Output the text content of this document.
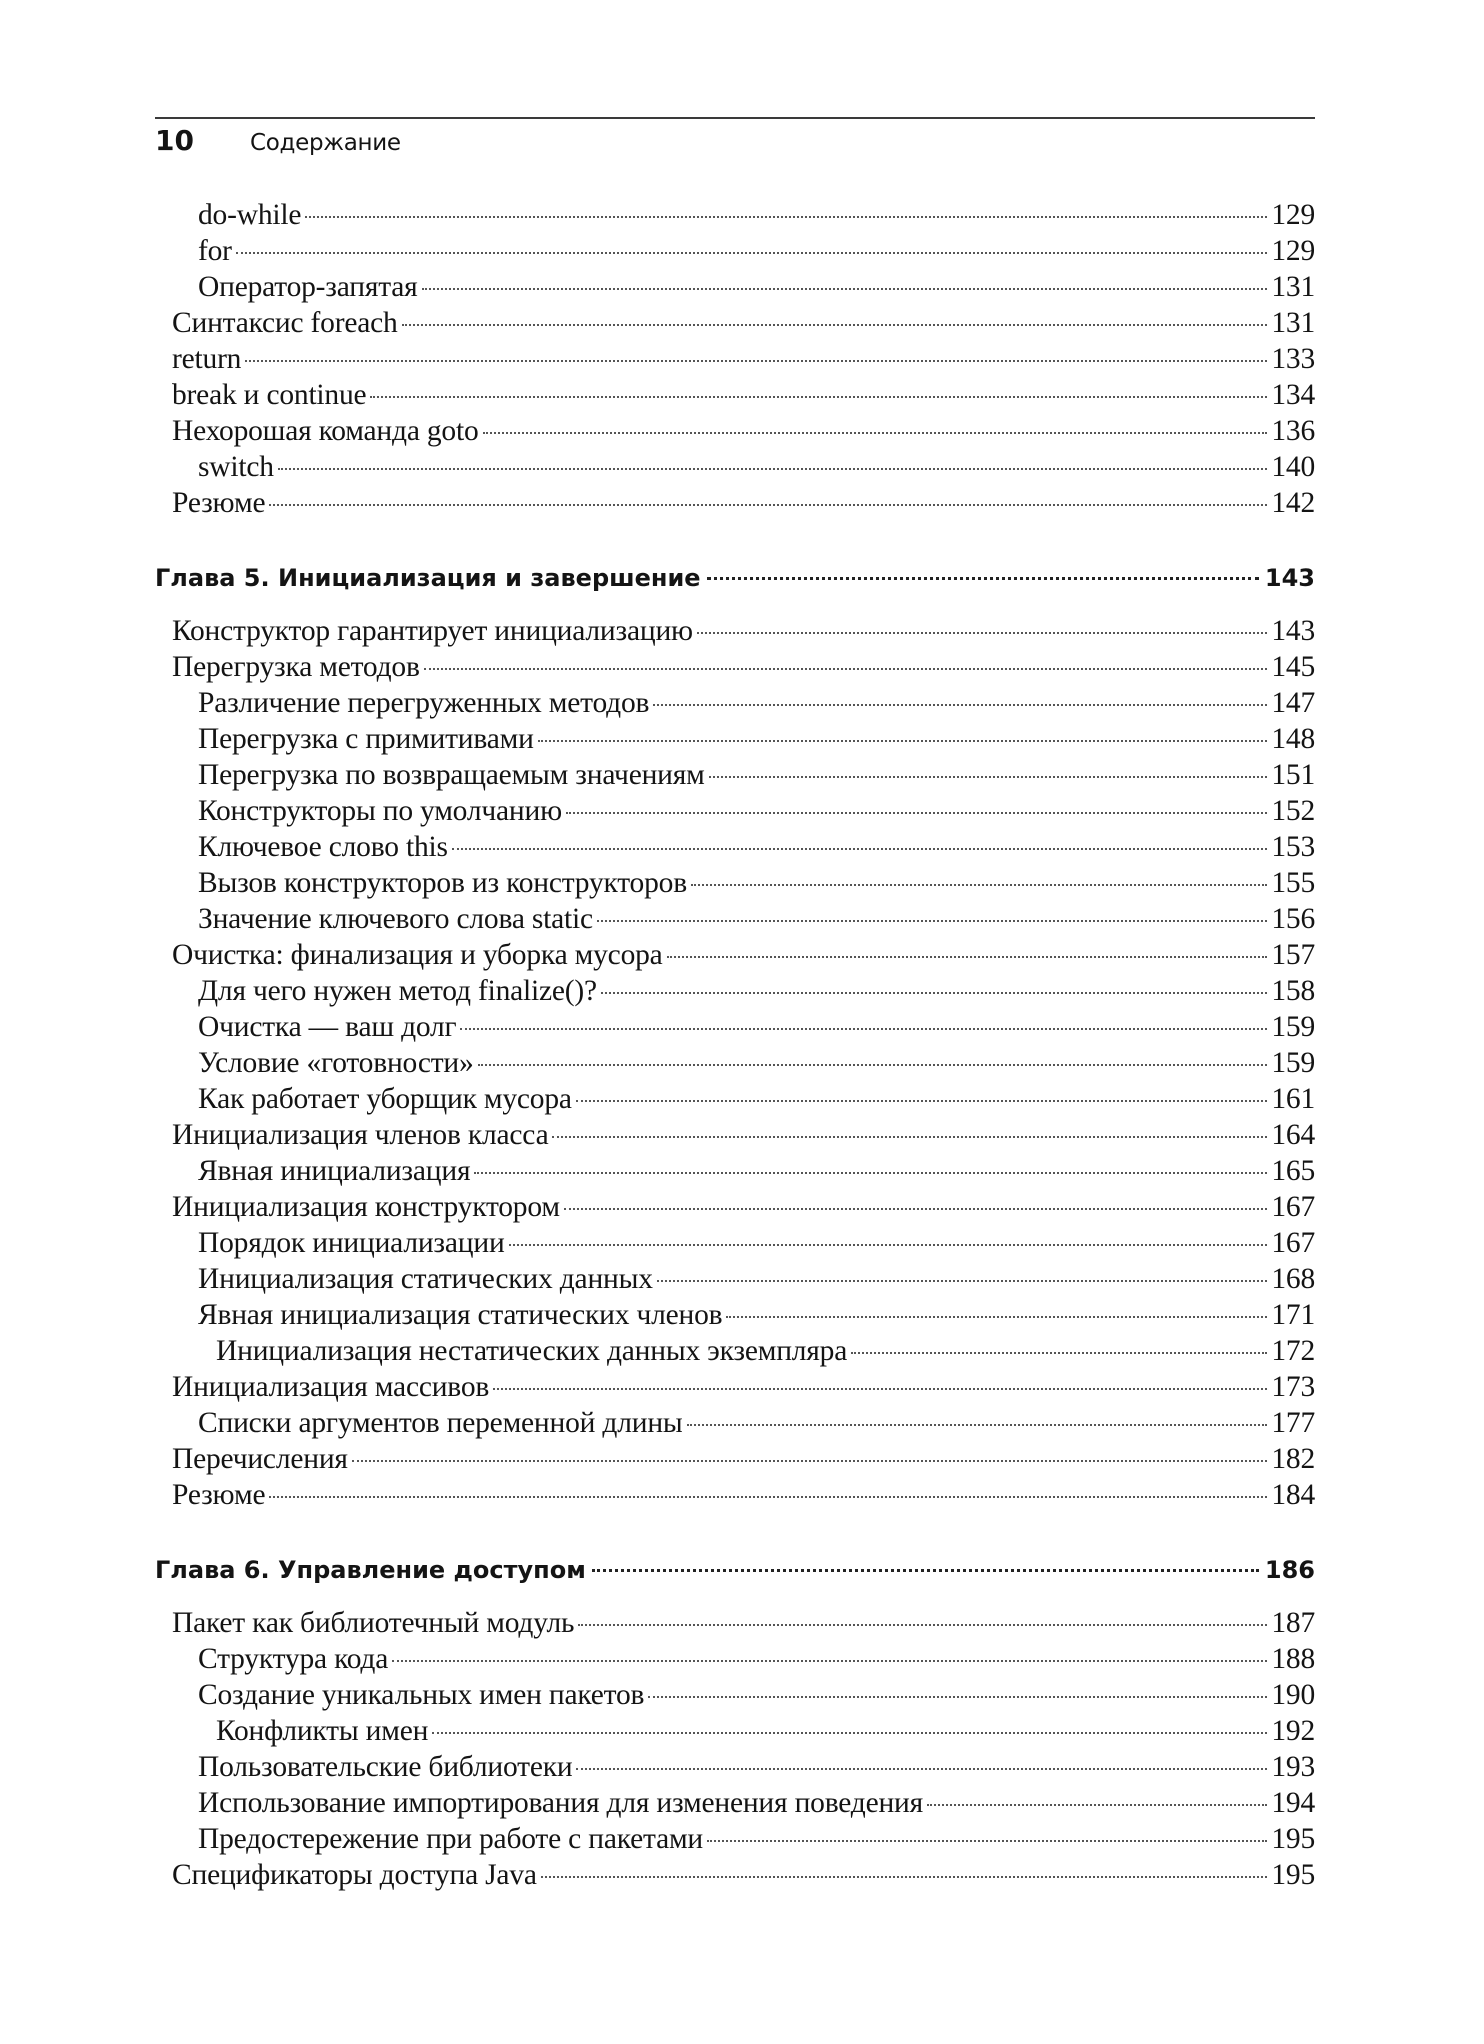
10	Содержание
do-while	129
for	129
Оператор-запятая	131
Синтаксис foreach	131
return	133
break и continue	134
Нехорошая команда goto	136
switch	140
Резюме	142
Глава 5. Инициализация и завершение	143
Конструктор гарантирует инициализацию	143
Перегрузка методов	145
Различение перегруженных методов	147
Перегрузка с примитивами	148
Перегрузка по возвращаемым значениям	151
Конструкторы по умолчанию	152
Ключевое слово this	153
Вызов конструкторов из конструкторов	155
Значение ключевого слова static	156
Очистка: финализация и уборка мусора	157
Для чего нужен метод finalize()?	158
Очистка — ваш долг	159
Условие «готовности»	159
Как работает уборщик мусора	161
Инициализация членов класса	164
Явная инициализация	165
Инициализация конструктором	167
Порядок инициализации	167
Инициализация статических данных	168
Явная инициализация статических членов	171
Инициализация нестатических данных экземпляра	172
Инициализация массивов	173
Списки аргументов переменной длины	177
Перечисления	182
Резюме	184
Глава 6. Управление доступом	186
Пакет как библиотечный модуль	187
Структура кода	188
Создание уникальных имен пакетов	190
Конфликты имен	192
Пользовательские библиотеки	193
Использование импортирования для изменения поведения	194
Предостережение при работе с пакетами	195
Спецификаторы доступа Java	195
